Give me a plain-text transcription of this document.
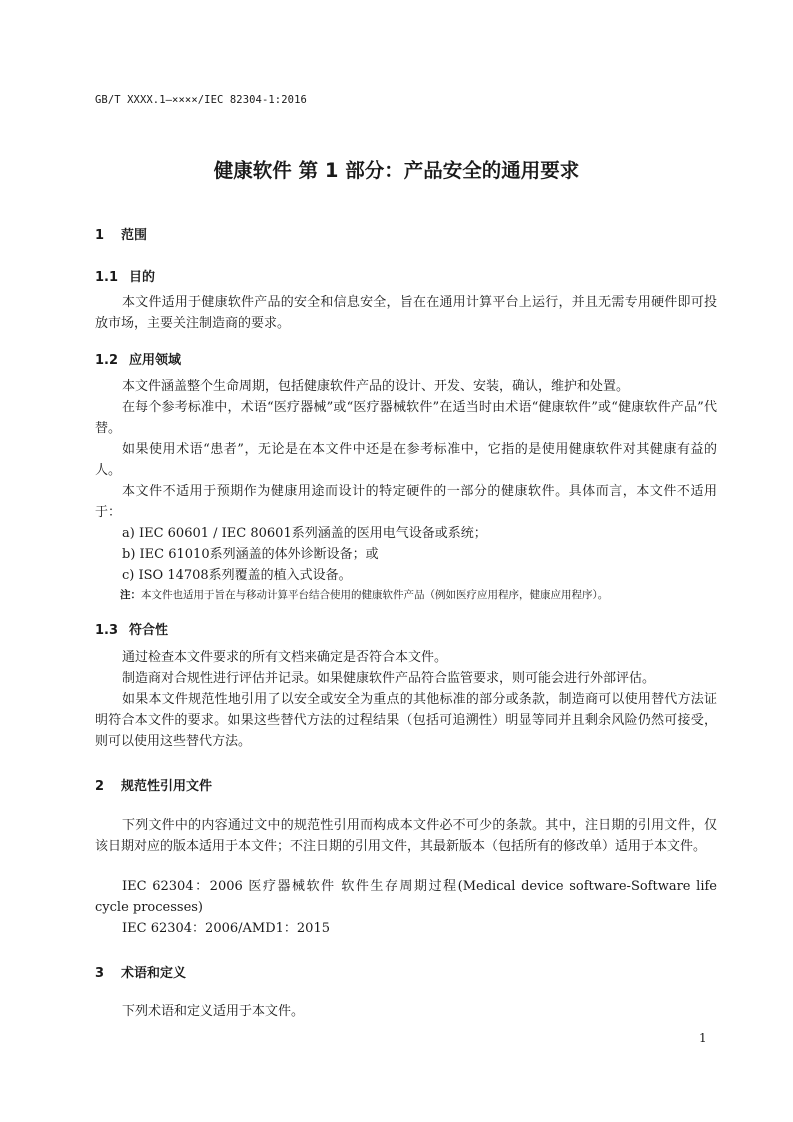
GB/T XXXX.1—××××/IEC 82304-1:2016
健康软件 第 1 部分：产品安全的通用要求
1 范围
1.1 目的
本文件适用于健康软件产品的安全和信息安全，旨在在通用计算平台上运行，并且无需专用硬件即可投放市场，主要关注制造商的要求。
1.2 应用领域
本文件涵盖整个生命周期，包括健康软件产品的设计、开发、安装，确认，维护和处置。
在每个参考标准中，术语“医疗器械”或“医疗器械软件”在适当时由术语“健康软件”或“健康软件产品”代替。
如果使用术语“患者”，无论是在本文件中还是在参考标准中，它指的是使用健康软件对其健康有益的人。
本文件不适用于预期作为健康用途而设计的特定硬件的一部分的健康软件。具体而言，本文件不适用于：
a) IEC 60601 / IEC 80601系列涵盖的医用电气设备或系统；
b) IEC 61010系列涵盖的体外诊断设备；或
c) ISO 14708系列覆盖的植入式设备。
注：本文件也适用于旨在与移动计算平台结合使用的健康软件产品（例如医疗应用程序，健康应用程序）。
1.3 符合性
通过检查本文件要求的所有文档来确定是否符合本文件。
制造商对合规性进行评估并记录。如果健康软件产品符合监管要求，则可能会进行外部评估。
如果本文件规范性地引用了以安全或安全为重点的其他标准的部分或条款，制造商可以使用替代方法证明符合本文件的要求。如果这些替代方法的过程结果（包括可追溯性）明显等同并且剩余风险仍然可接受，则可以使用这些替代方法。
2 规范性引用文件
下列文件中的内容通过文中的规范性引用而构成本文件必不可少的条款。其中，注日期的引用文件，仅该日期对应的版本适用于本文件；不注日期的引用文件，其最新版本（包括所有的修改单）适用于本文件。
IEC 62304：2006 医疗器械软件 软件生存周期过程(Medical device software-Software life cycle processes)
IEC 62304：2006/AMD1：2015
3 术语和定义
下列术语和定义适用于本文件。
1
